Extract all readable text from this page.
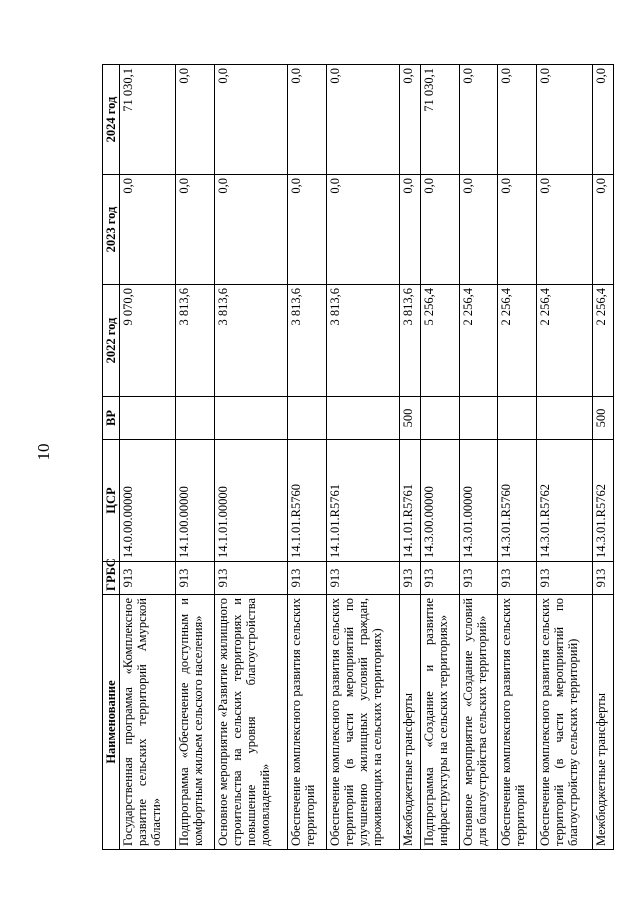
10
Наименование	ГРБС	ЦСР	ВР	2022 год	2023 год	2024 год
Государственная программа «Комплексное развитие сельских территорий Амурской области»	913	14.0.00.00000		9 070,0	0,0	71 030,1
Подпрограмма «Обеспечение доступным и комфортным жильем сельского населения»	913	14.1.00.00000		3 813,6	0,0	0,0
Основное мероприятие «Развитие жилищного строительства на сельских территориях и повышение уровня благоустройства домовладений»	913	14.1.01.00000		3 813,6	0,0	0,0
Обеспечение комплексного развития сельских территорий	913	14.1.01.R5760		3 813,6	0,0	0,0
Обеспечение комплексного развития сельских территорий (в части мероприятий по улучшению жилищных условий граждан, проживающих на сельских территориях)	913	14.1.01.R5761		3 813,6	0,0	0,0
Межбюджетные трансферты	913	14.1.01.R5761	500	3 813,6	0,0	0,0
Подпрограмма «Создание и развитие инфраструктуры на сельских территориях»	913	14.3.00.00000		5 256,4	0,0	71 030,1
Основное мероприятие «Создание условий для благоустройства сельских территорий»	913	14.3.01.00000		2 256,4	0,0	0,0
Обеспечение комплексного развития сельских территорий	913	14.3.01.R5760		2 256,4	0,0	0,0
Обеспечение комплексного развития сельских территорий (в части мероприятий по благоустройству сельских территорий)	913	14.3.01.R5762		2 256,4	0,0	0,0
Межбюджетные трансферты	913	14.3.01.R5762	500	2 256,4	0,0	0,0
